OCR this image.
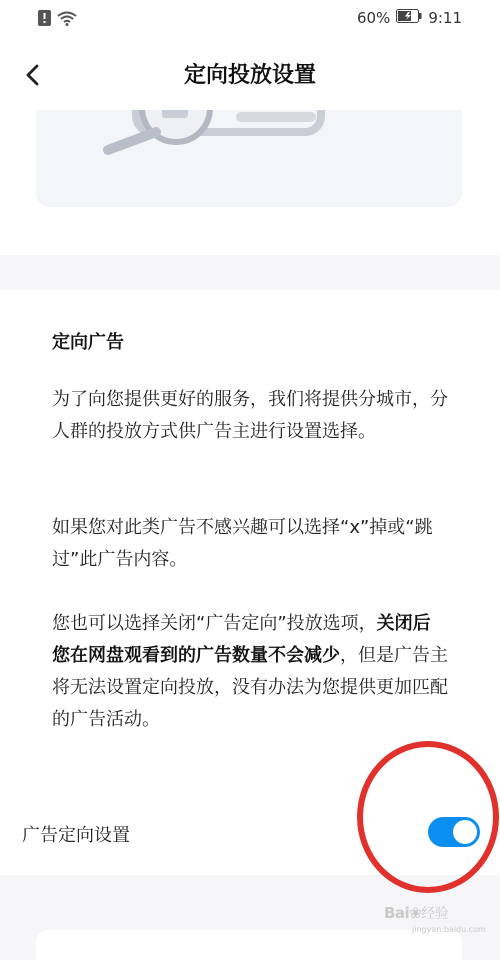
60%	9:11
定向投放设置
定向广告
为了向您提供更好的服务，我们将提供分城市，分人群的投放方式供广告主进行设置选择。
如果您对此类广告不感兴趣可以选择“x”掉或“跳过”此广告内容。
您也可以选择关闭“广告定向”投放选项，关闭后您在网盘观看到的广告数量不会减少，但是广告主将无法设置定向投放，没有办法为您提供更加匹配的广告活动。
广告定向设置
Bai❀经验
jingyan.baidu.com
